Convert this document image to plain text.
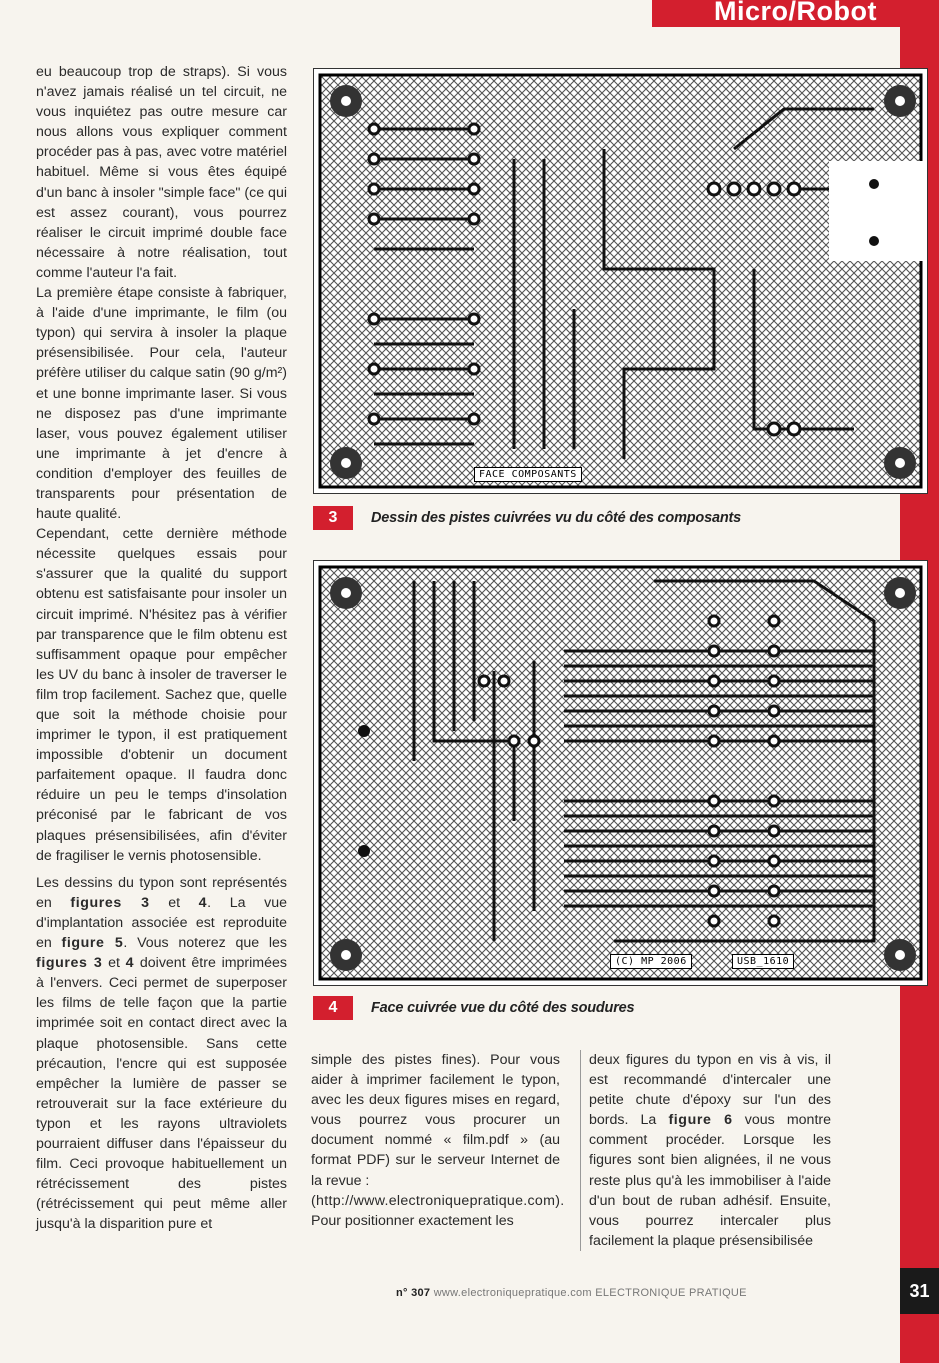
31
Micro/Robot

eu beaucoup trop de straps). Si vous n'avez jamais réalisé un tel circuit, ne vous inquiétez pas outre mesure car nous allons vous expliquer comment procéder pas à pas, avec votre matériel habituel. Même si vous êtes équipé d'un banc à insoler "simple face" (ce qui est assez courant), vous pourrez réaliser le circuit imprimé double face nécessaire à notre réalisation, tout comme l'auteur l'a fait.

La première étape consiste à fabriquer, à l'aide d'une imprimante, le film (ou typon) qui servira à insoler la plaque présensibilisée. Pour cela, l'auteur préfère utiliser du calque satin (90 g/m²) et une bonne imprimante laser. Si vous ne disposez pas d'une imprimante laser, vous pouvez également utiliser une imprimante à jet d'encre à condition d'employer des feuilles de transparents pour présentation de haute qualité.

Cependant, cette dernière méthode nécessite quelques essais pour s'assurer que la qualité du support obtenu est satisfaisante pour insoler un circuit imprimé. N'hésitez pas à vérifier par transparence que le film obtenu est suffisamment opaque pour empêcher les UV du banc à insoler de traverser le film trop facilement. Sachez que, quelle que soit la méthode choisie pour imprimer le typon, il est pratiquement impossible d'obtenir un document parfaitement opaque. Il faudra donc réduire un peu le temps d'insolation préconisé par le fabricant de vos plaques présensibilisées, afin d'éviter de fragiliser le vernis photosensible.

Les dessins du typon sont représentés en figures 3 et 4. La vue d'implantation associée est reproduite en figure 5. Vous noterez que les figures 3 et 4 doivent être imprimées à l'envers. Ceci permet de superposer les films de telle façon que la partie imprimée soit en contact direct avec la plaque photosensible. Sans cette précaution, l'encre qui est supposée empêcher la lumière de passer se retrouverait sur la face extérieure du typon et les rayons ultraviolets pourraient diffuser dans l'épaisseur du film. Ceci provoque habituellement un rétrécissement des pistes (rétrécissement qui peut même aller jusqu'à la disparition pure et

FACE COMPOSANTS
3	Dessin des pistes cuivrées vu du côté des composants
(C) MP 2006	USB_1610
4	Face cuivrée vue du côté des soudures

simple des pistes fines). Pour vous aider à imprimer facilement le typon, avec les deux figures mises en regard, vous pourrez vous procurer un document nommé « film.pdf » (au format PDF) sur le serveur Internet de la revue :

(http://www.electroniquepratique.com).

Pour positionner exactement les

deux figures du typon en vis à vis, il est recommandé d'intercaler une petite chute d'époxy sur l'un des bords. La figure 6 vous montre comment procéder. Lorsque les figures sont bien alignées, il ne vous reste plus qu'à les immobiliser à l'aide d'un bout de ruban adhésif. Ensuite, vous pourrez intercaler plus facilement la plaque présensibilisée

n° 307 www.electroniquepratique.com ELECTRONIQUE PRATIQUE
